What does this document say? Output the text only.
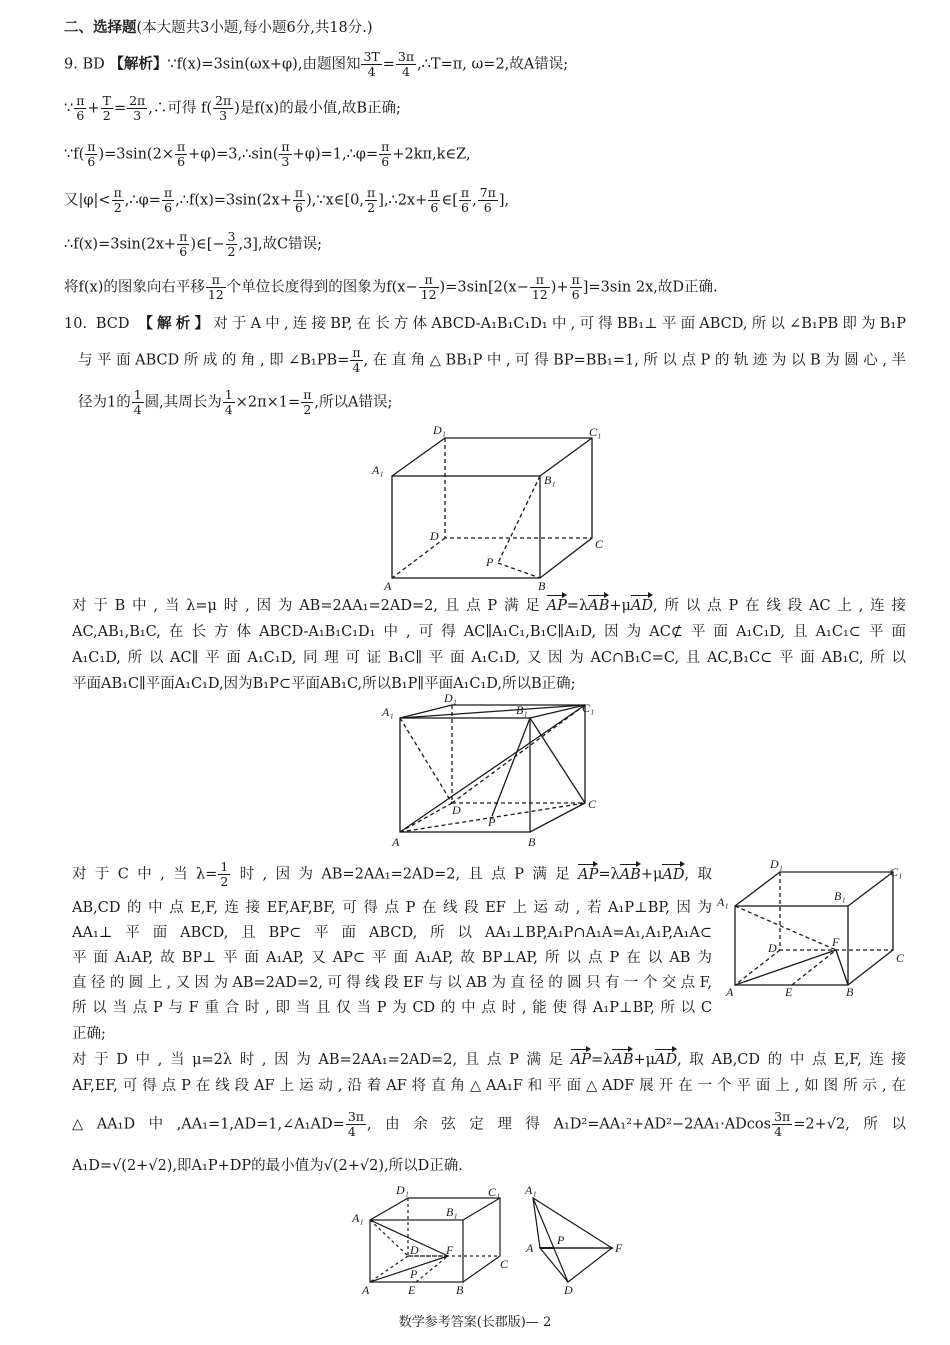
二、选择题(本大题共3小题,每小题6分,共18分.)
9. BD 【解析】∵f(x)=3sin(ωx+φ),由题图知 $\frac{3T}{4} = \frac{3\pi}{4}$ ,∴T=π, ω=2,故A错误;
∵ $\frac{\pi}{6} + \frac{T}{2} = \frac{2\pi}{3}$ ,∴可得 $f( \frac{2\pi}{3}$ )是f(x)的最小值,故B正确;
∵f( $\frac{\pi}{6} )=3\sin(2\times \frac{\pi}{6}$ +φ)=3,∴sin( $\frac{\pi}{3}$ +φ)=1,∴φ= $\frac{\pi}{6}$ +2kπ,k∈Z,
又$|\varphi|< \frac{\pi}{2}$ ,∴φ= $\frac{\pi}{6}$ ,∴f(x)=3sin(2x+ $\frac{\pi}{6}$ ),∵x∈[0, $\frac{\pi}{2}$ ],∴2x+ $\frac{\pi}{6}$ ∈[ $\frac{\pi}{6}$ , $\frac{7\pi}{6}$ ],
∴f(x)=3sin(2x+ $\frac{\pi}{6}$ )∈[− $\frac{3}{2} ,3$],故C错误;
将f(x)的图象向右平移 $\frac{\pi}{12}$ 个单位长度得到的图象为$f(x- \frac{\pi}{12} )=3\sin[2(x- \frac{\pi}{12}$ )+ $\frac{\pi}{6} ]=3\sin$ 2x,故D正确.
10. BCD 【解析】对于A中,连接BP,在长方体ABCD-A₁B₁C₁D₁中,可得BB₁⊥平面ABCD,所以∠B₁PB即为B₁P
与平面ABCD所成的角,即∠B₁PB= $\frac{\pi}{4}$ ,在直角△BB₁P中,可得BP=BB₁=1,所以点P的轨迹为以B为圆心,半
径为1的 $\frac{1}{4}$ 圆,其周长为 $\frac{1}{4} \times 2\pi\times 1= \frac{\pi}{2}$ ,所以A错误;
对于B中,当λ=μ时,因为AB=2AA₁=2AD=2,且点P满足AP=λAB+μAD,所以点P在线段AC上,连接
AC,AB₁,B₁C,在长方体ABCD-A₁B₁C₁D₁中,可得AC∥A₁C₁,B₁C∥A₁D,因为AC⊄平面A₁C₁D,且A₁C₁⊂平面
A₁C₁D,所以AC∥平面A₁C₁D,同理可证B₁C∥平面A₁C₁D,又因为AC∩B₁C=C,且AC,B₁C⊂平面AB₁C,所以
平面AB₁C∥平面A₁C₁D,因为B₁P⊂平面AB₁C,所以B₁P∥平面A₁C₁D,所以B正确;
对于C中,当$\lambda= \frac{1}{2}$ 时,因为AB=2AA₁=2AD=2,且点P满足AP=λAB+μAD,取
AB,CD的中点E,F,连接EF,AF,BF,可得点P在线段EF上运动,若A₁P⊥BP,因为
AA₁⊥平面ABCD,且BP⊂平面ABCD,所以AA₁⊥BP,A₁P∩A₁A=A₁,A₁P,A₁A⊂
平面A₁AP,故BP⊥平面A₁AP,又AP⊂平面A₁AP,故BP⊥AP,所以点P在以AB为
直径的圆上,又因为AB=2AD=2,可得线段EF与以AB为直径的圆只有一个交点F,
所以当点P与F重合时,即当且仅当P为CD的中点时,能使得A₁P⊥BP,所以C
正确;
对于D中,当μ=2λ时,因为AB=2AA₁=2AD=2,且点P满足AP=λAB+μAD,取AB,CD的中点E,F,连接
AF,EF,可得点P在线段AF上运动,沿着AF将直角△AA₁F和平面△ADF展开在一个平面上,如图所示,在
△AA₁D中,AA₁=1,AD=1,∠A₁AD= $\frac{3\pi}{4}$ ,由余弦定理得$A_1D^2=AA_1^2+AD^2-2AA_1\cdot ADcos \frac{3\pi}{4} =2+√2$,所以
A₁D=√(2+√2),即A₁P+DP的最小值为√(2+√2),所以D正确.
D₁	C₁
A₁
B₁
D
C
P
A	B
D₁
C₁
A₁	B₁
D	C
P
A	B
D₁
C₁
A₁	B₁
D	F
C
A	E	B
D₁	C₁
A₁	B₁
D F
P
C
A	E	B
A₁
A
P
F
D
数学参考答案(长郡版)— 2
